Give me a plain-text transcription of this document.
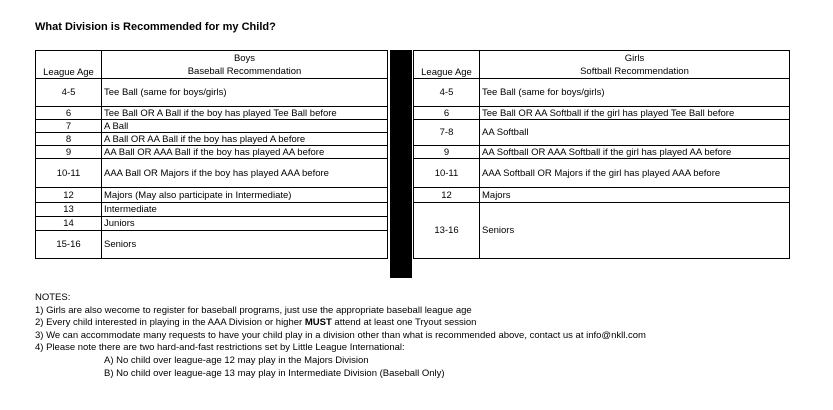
What Division is Recommended for my Child?
	Boys
League Age	Baseball Recommendation
4-5	Tee Ball (same for boys/girls)
6	Tee Ball OR A Ball if the boy has played Tee Ball before
7	A Ball
8	A Ball OR AA Ball if the boy has played A before
9	AA Ball OR AAA Ball if the boy has played AA before
10-11	AAA Ball OR Majors if the boy has played AAA before
12	Majors (May also participate in Intermediate)
13	Intermediate
14	Juniors
15-16	Seniors
	Girls
League Age	Softball Recommendation
4-5	Tee Ball (same for boys/girls)
6	Tee Ball OR AA Softball if the girl has played Tee Ball before
7-8	AA Softball
9	AA Softball OR AAA Softball if the girl has played AA before
10-11	AAA Softball OR Majors if the girl has played AAA before
12	Majors
13-16	Seniors
NOTES:
1) Girls are also wecome to register for baseball programs, just use the appropriate baseball league age
2) Every child interested in playing in the AAA Division or higher MUST attend at least one Tryout session
3) We can accommodate many requests to have your child play in a division other than what is recommended above, contact us at info@nkll.com
4) Please note there are two hard-and-fast restrictions set by Little League International:
A) No child over league-age 12 may play in the Majors Division
B) No child over league-age 13 may play in Intermediate Division (Baseball Only)
